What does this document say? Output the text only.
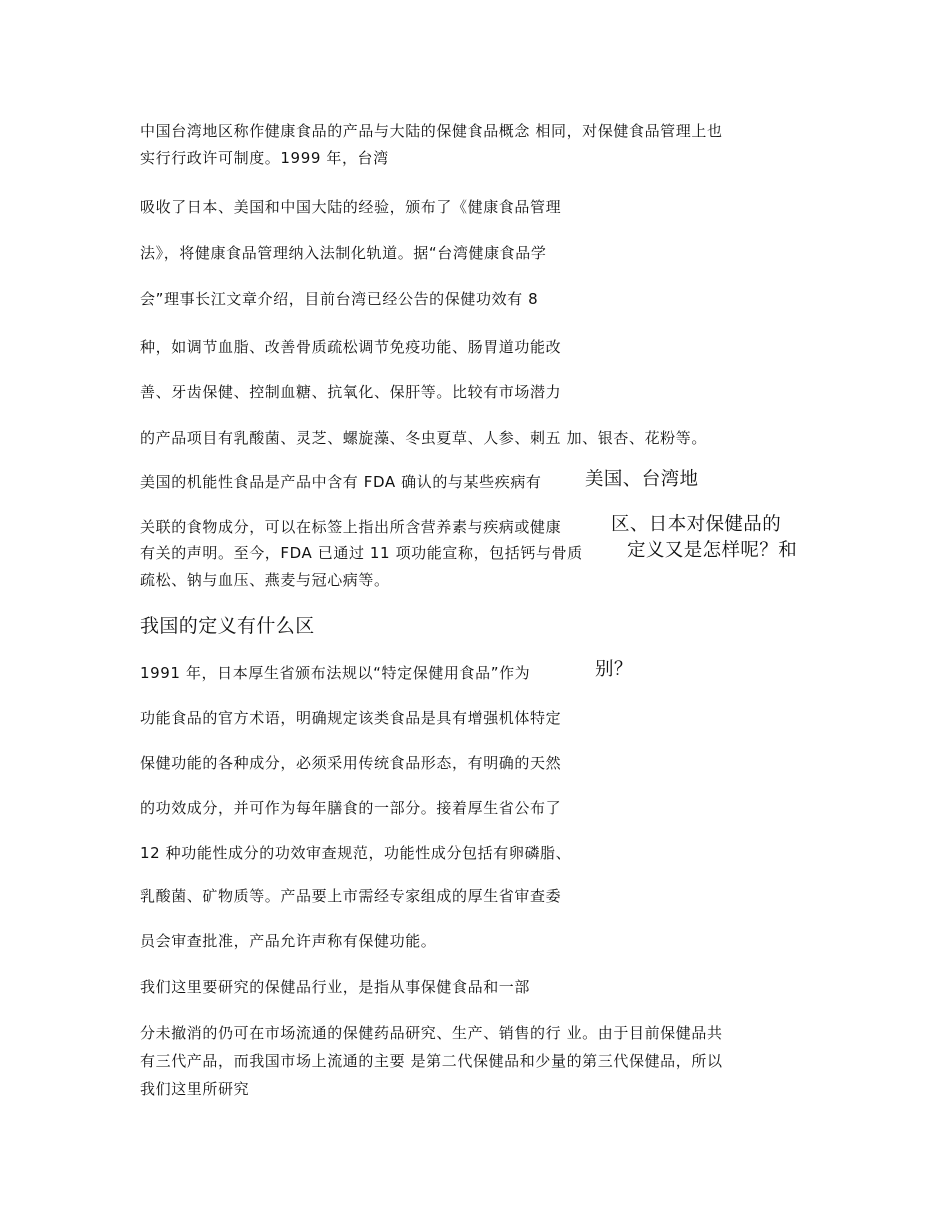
中国台湾地区称作健康食品的产品与大陆的保健食品概念 相同，对保健食品管理上也

实行行政许可制度。1999 年，台湾

吸收了日本、美国和中国大陆的经验，颁布了《健康食品管理

法》，将健康食品管理纳入法制化轨道。据“台湾健康食品学

会”理事长江文章介绍，目前台湾已经公告的保健功效有 8

种，如调节血脂、改善骨质疏松调节免疫功能、肠胃道功能改

善、牙齿保健、控制血糖、抗氧化、保肝等。比较有市场潜力

的产品项目有乳酸菌、灵芝、螺旋藻、冬虫夏草、人参、刺五 加、银杏、花粉等。

美国的机能性食品是产品中含有 FDA 确认的与某些疾病有 美国、台湾地

关联的食物成分，可以在标签上指出所含营养素与疾病或健康	区、日本对保健品的

有关的声明。至今，FDA 已通过 11 项功能宣称，包括钙与骨质 定义又是怎样呢？和

疏松、钠与血压、燕麦与冠心病等。

我国的定义有什么区

1991 年，日本厚生省颁布法规以“特定保健用食品”作为	别？

功能食品的官方术语，明确规定该类食品是具有增强机体特定

保健功能的各种成分，必须采用传统食品形态，有明确的天然

的功效成分，并可作为每年膳食的一部分。接着厚生省公布了

12 种功能性成分的功效审查规范，功能性成分包括有卵磷脂、

乳酸菌、矿物质等。产品要上市需经专家组成的厚生省审查委

员会审查批准，产品允许声称有保健功能。

我们这里要研究的保健品行业，是指从事保健食品和一部

分未撤消的仍可在市场流通的保健药品研究、生产、销售的行 业。由于目前保健品共

有三代产品，而我国市场上流通的主要 是第二代保健品和少量的第三代保健品，所以

我们这里所研究
